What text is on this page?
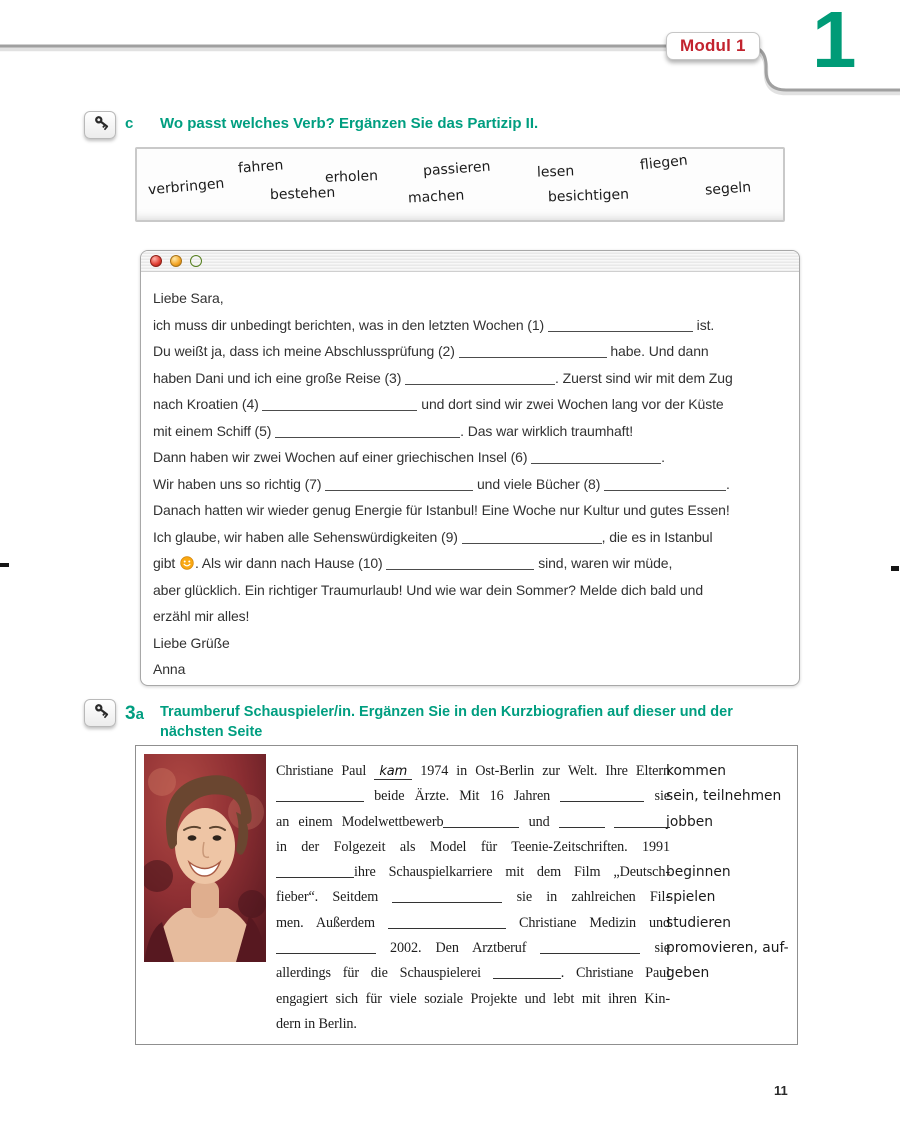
Modul 1 1
c	Wo passt welches Verb? Ergänzen Sie das Partizip II.
fahren
erholen	passieren	lesen	fliegen
verbringen	bestehen	machen	besichtigen	segeln
Liebe Sara,
ich muss dir unbedingt berichten, was in den letzten Wochen (1)	ist.
Du weißt ja, dass ich meine Abschlussprüfung (2)	habe. Und dann
haben Dani und ich eine große Reise (3)	. Zuerst sind wir mit dem Zug
nach Kroatien (4)	und dort sind wir zwei Wochen lang vor der Küste
mit einem Schiff (5)	. Das war wirklich traumhaft!
Dann haben wir zwei Wochen auf einer griechischen Insel (6)	.
Wir haben uns so richtig (7)	und viele Bücher (8)	.
Danach hatten wir wieder genug Energie für Istanbul! Eine Woche nur Kultur und gutes Essen!
Ich glaube, wir haben alle Sehenswürdigkeiten (9)	, die es in Istanbul
gibt . Als wir dann nach Hause (10)	sind, waren wir müde,
aber glücklich. Ein richtiger Traumurlaub! Und wie war dein Sommer? Melde dich bald und
erzähl mir alles!
Liebe Grüße
Anna
3a	Traumberuf Schauspieler/in. Ergänzen Sie in den Kurzbiografien auf dieser und der nächsten Seite
Christiane Paul kam 1974 in Ost-Berlin zur Welt. Ihre Eltern
beide Ärzte. Mit 16 Jahren	sie
an einem Modelwettbewerb	und
in der Folgezeit als Model für Teenie-Zeitschriften. 1991
ihre Schauspielkarriere mit dem Film „Deutsch-
fieber“. Seitdem	sie in zahlreichen Fil-
men. Außerdem	Christiane Medizin und
2002. Den Arztberuf	sie
allerdings für die Schauspielerei	. Christiane Paul
engagiert sich für viele soziale Projekte und lebt mit ihren Kin-
dern in Berlin.
kommen
sein, teilnehmen
jobben
beginnen
spielen
studieren
promovieren, auf-
geben
11
